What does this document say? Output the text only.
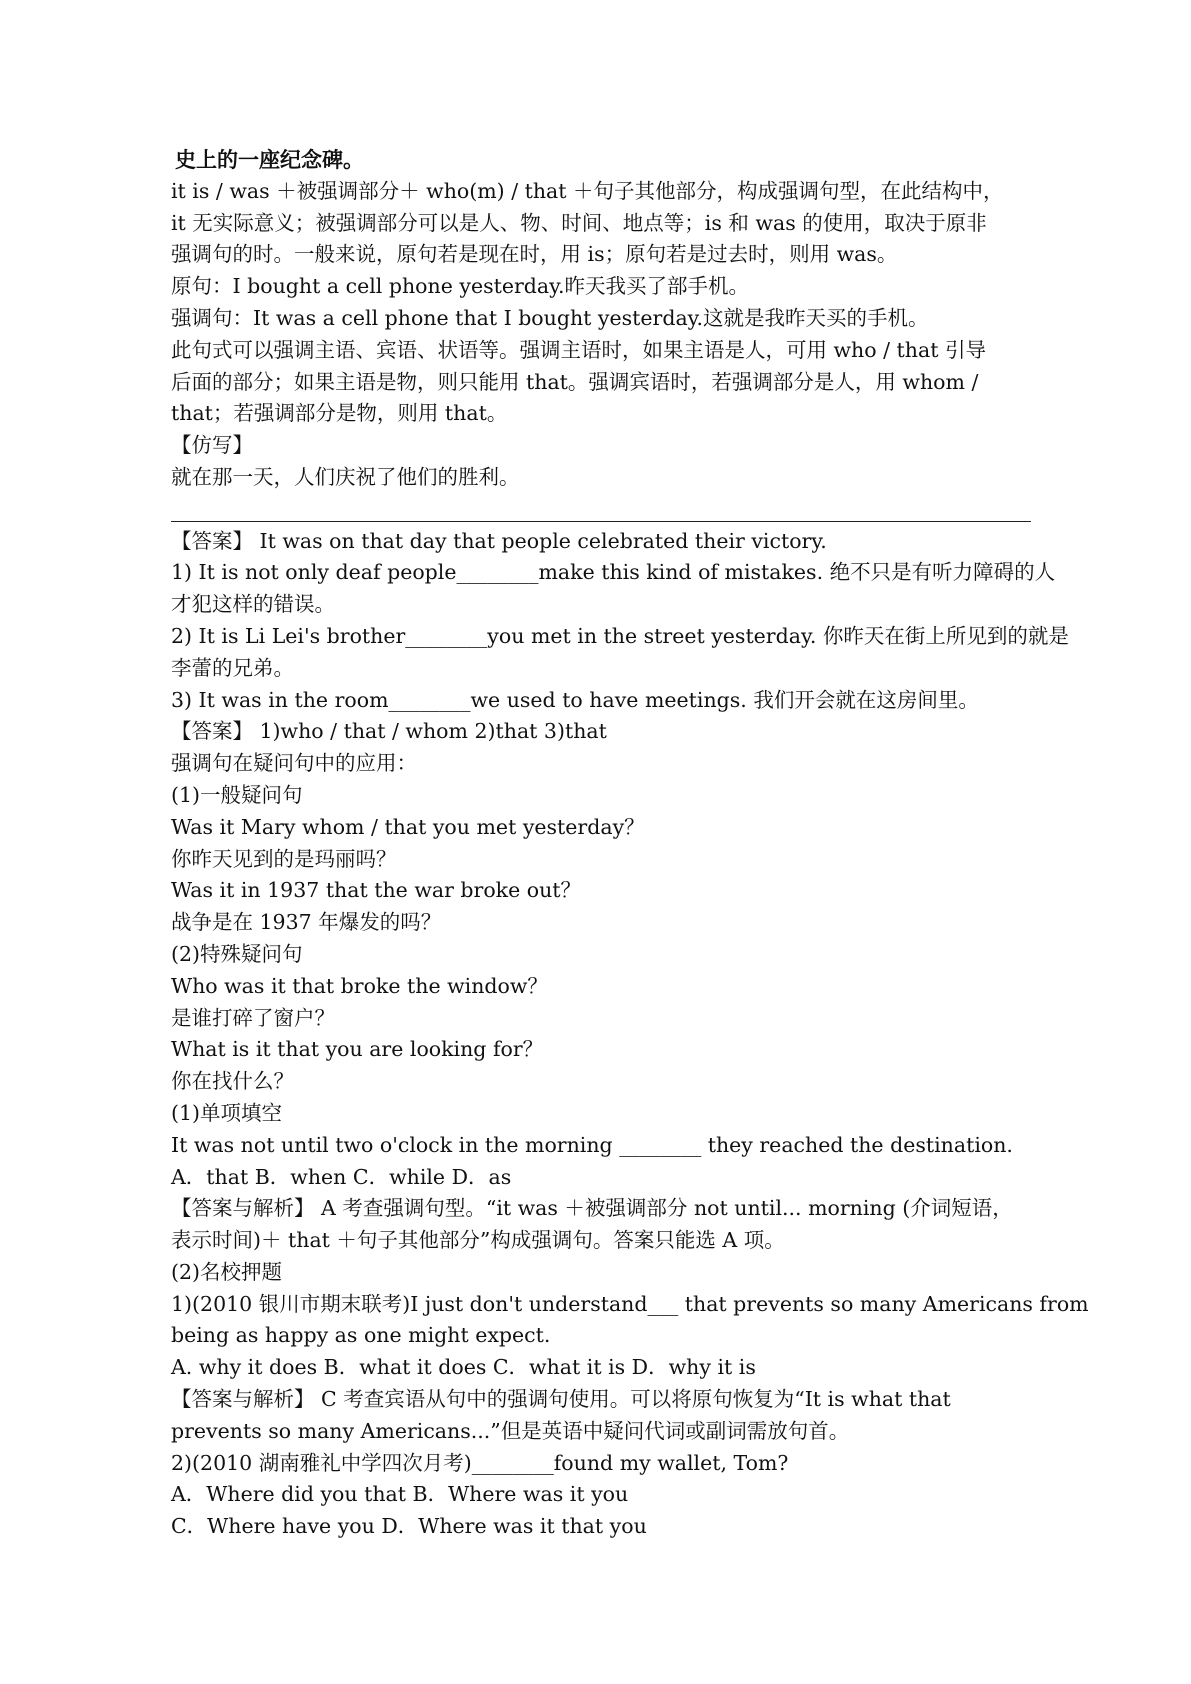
史上的一座纪念碑。
it is / was ＋被强调部分＋ who(m) / that ＋句子其他部分，构成强调句型，在此结构中，
it 无实际意义；被强调部分可以是人、物、时间、地点等；is 和 was 的使用，取决于原非
强调句的时。一般来说，原句若是现在时，用 is；原句若是过去时，则用 was。
原句：I bought a cell phone yesterday.昨天我买了部手机。
强调句：It was a cell phone that I bought yesterday.这就是我昨天买的手机。
此句式可以强调主语、宾语、状语等。强调主语时，如果主语是人，可用 who / that 引导
后面的部分；如果主语是物，则只能用 that。强调宾语时，若强调部分是人，用 whom /
that；若强调部分是物，则用 that。
【仿写】
就在那一天，人们庆祝了他们的胜利。
【答案】 It was on that day that people celebrated their victory.
1) It is not only deaf people________make this kind of mistakes. 绝不只是有听力障碍的人
才犯这样的错误。
2) It is Li Lei's brother________you met in the street yesterday. 你昨天在街上所见到的就是
李蕾的兄弟。
3) It was in the room________we used to have meetings. 我们开会就在这房间里。
【答案】 1)who / that / whom 2)that 3)that
强调句在疑问句中的应用：
(1)一般疑问句
Was it Mary whom / that you met yesterday？
你昨天见到的是玛丽吗？
Was it in 1937 that the war broke out？
战争是在 1937 年爆发的吗？
(2)特殊疑问句
Who was it that broke the window？
是谁打碎了窗户？
What is it that you are looking for？
你在找什么？
(1)单项填空
It was not until two o'clock in the morning ________ they reached the destination.
A．that B．when C．while D．as
【答案与解析】 A 考查强调句型。“it was ＋被强调部分 not until... morning (介词短语，
表示时间)＋ that ＋句子其他部分”构成强调句。答案只能选 A 项。
(2)名校押题
1)(2010 银川市期末联考)I just don't understand___ that prevents so many Americans from
being as happy as one might expect.
A. why it does B．what it does C．what it is D．why it is
【答案与解析】 C 考查宾语从句中的强调句使用。可以将原句恢复为“It is what that
prevents so many Americans...”但是英语中疑问代词或副词需放句首。
2)(2010 湖南雅礼中学四次月考)________found my wallet, Tom?
A．Where did you that B．Where was it you
C．Where have you D．Where was it that you
